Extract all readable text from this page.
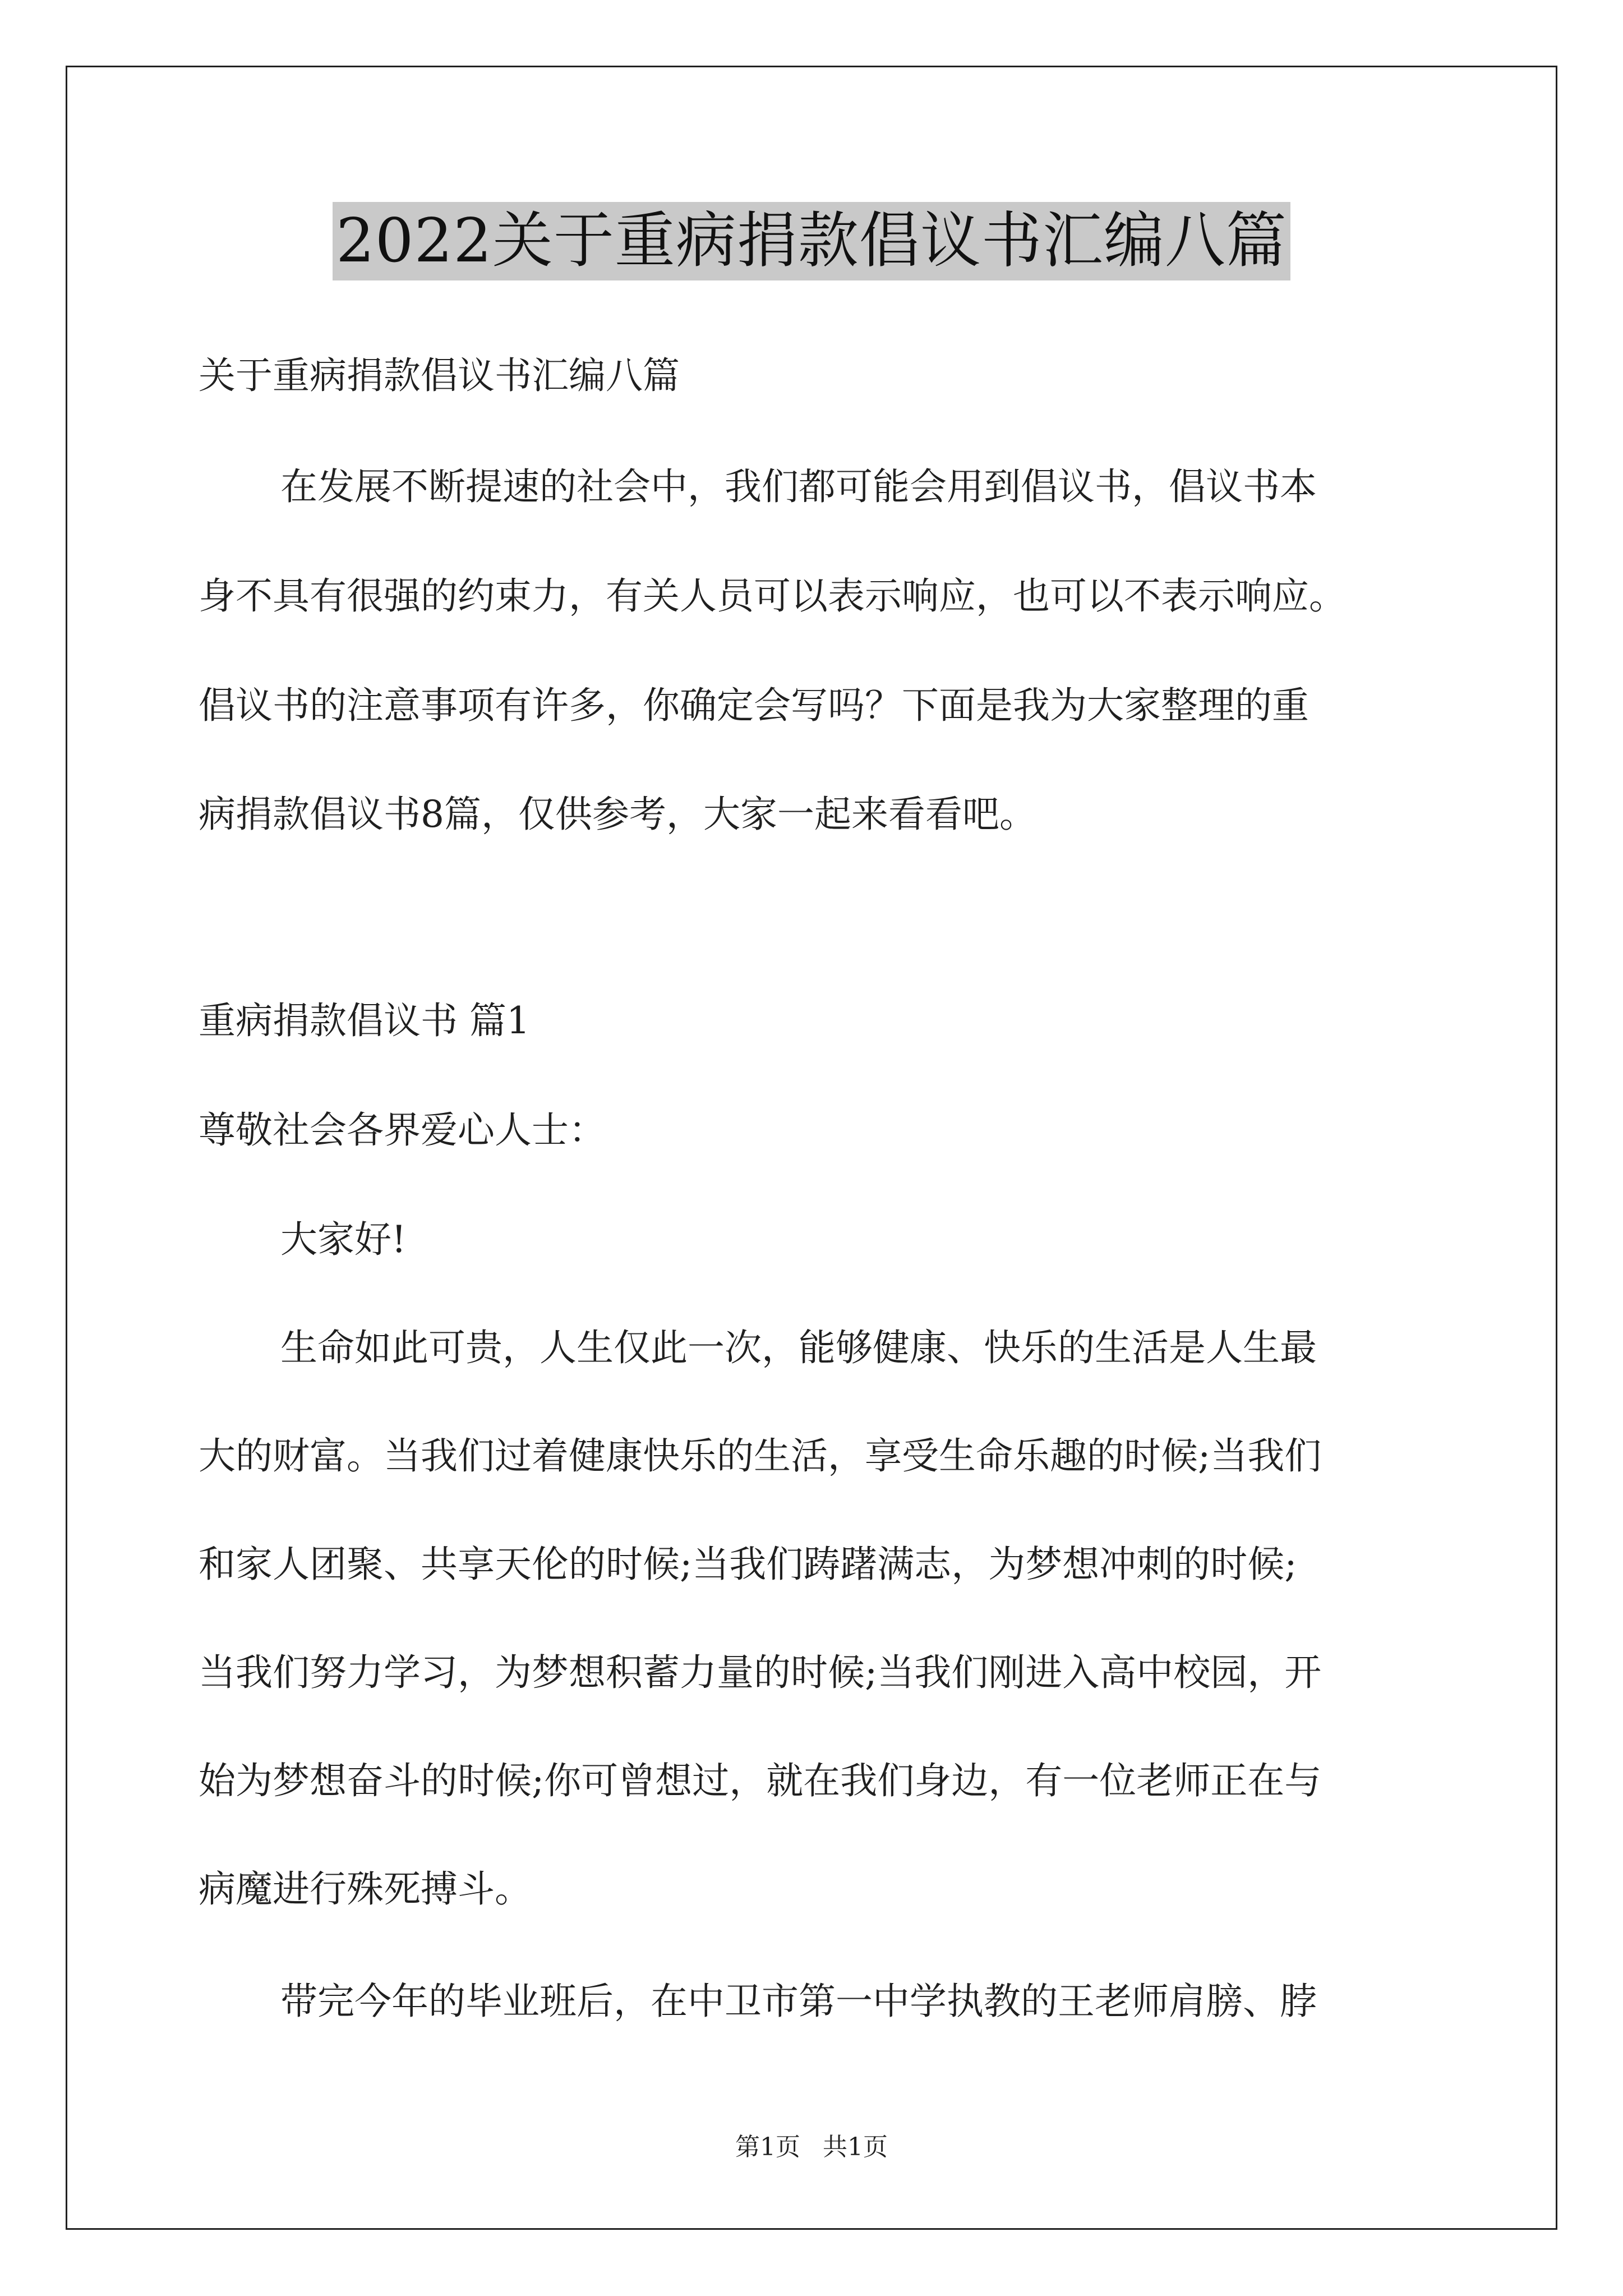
2022关于重病捐款倡议书汇编八篇
关于重病捐款倡议书汇编八篇
在发展不断提速的社会中，我们都可能会用到倡议书，倡议书本
身不具有很强的约束力，有关人员可以表示响应，也可以不表示响应。
倡议书的注意事项有许多，你确定会写吗？下面是我为大家整理的重
病捐款倡议书8篇，仅供参考，大家一起来看看吧。
重病捐款倡议书 篇1
尊敬社会各界爱心人士：
大家好!
生命如此可贵，人生仅此一次，能够健康、快乐的生活是人生最
大的财富。当我们过着健康快乐的生活，享受生命乐趣的时候;当我们
和家人团聚、共享天伦的时候;当我们踌躇满志，为梦想冲刺的时候;
当我们努力学习，为梦想积蓄力量的时候;当我们刚进入高中校园，开
始为梦想奋斗的时候;你可曾想过，就在我们身边，有一位老师正在与
病魔进行殊死搏斗。
带完今年的毕业班后，在中卫市第一中学执教的王老师肩膀、脖
第1页 共1页
